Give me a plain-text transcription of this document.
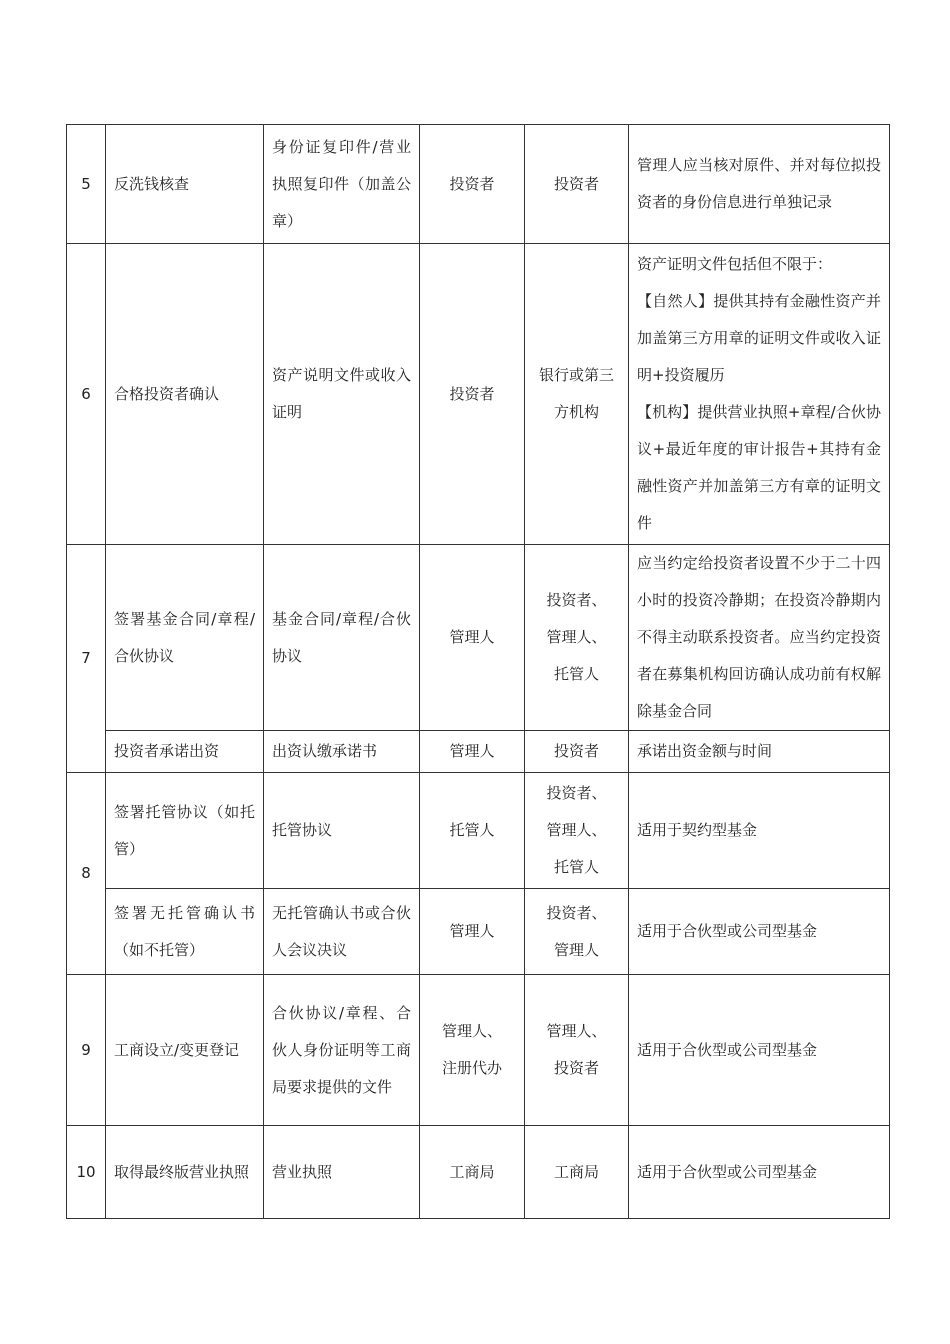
5	反洗钱核查	身份证复印件/营业执照复印件（加盖公章）	投资者	投资者	管理人应当核对原件、并对每位拟投资者的身份信息进行单独记录

6	合格投资者确认	资产说明文件或收入证明	投资者	银行或第三方机构	资产证明文件包括但不限于：
【自然人】提供其持有金融性资产并加盖第三方用章的证明文件或收入证明+投资履历
【机构】提供营业执照+章程/合伙协议+最近年度的审计报告+其持有金融性资产并加盖第三方有章的证明文件

7	签署基金合同/章程/合伙协议	基金合同/章程/合伙协议	管理人	投资者、
管理人、
托管人	应当约定给投资者设置不少于二十四小时的投资冷静期；在投资冷静期内不得主动联系投资者。应当约定投资者在募集机构回访确认成功前有权解除基金合同

	投资者承诺出资	出资认缴承诺书	管理人	投资者	承诺出资金额与时间

8	签署托管协议（如托管）	托管协议	托管人	投资者、
管理人、
托管人	适用于契约型基金

	签署无托管确认书（如不托管）	无托管确认书或合伙人会议决议	管理人	投资者、
管理人	适用于合伙型或公司型基金

9	工商设立/变更登记	合伙协议/章程、合伙人身份证明等工商局要求提供的文件	管理人、
注册代办	管理人、
投资者	适用于合伙型或公司型基金

10	取得最终版营业执照	营业执照	工商局	工商局	适用于合伙型或公司型基金
